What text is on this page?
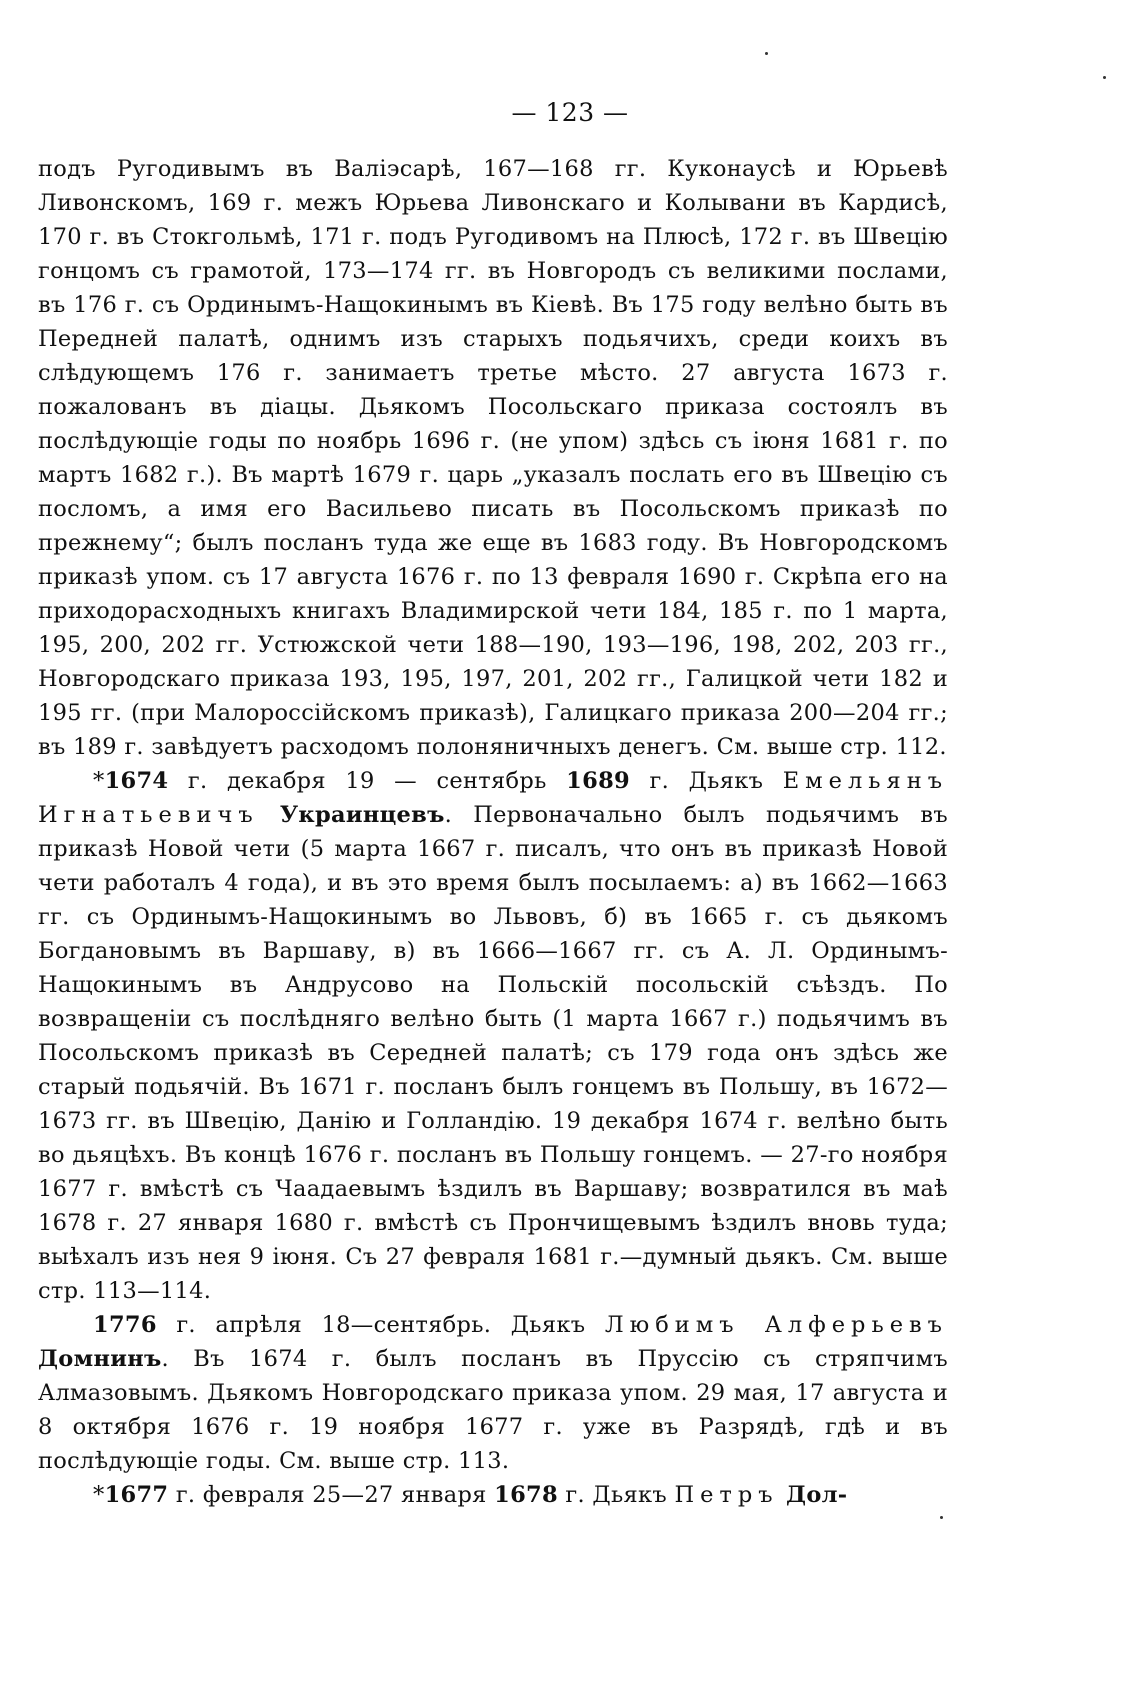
— 123 —

подъ Ругодивымъ въ Валіэсарѣ, 167—168 гг. Куконаусѣ и Юрьевѣ Ливонскомъ, 169 г. межъ Юрьева Ливонскаго и Колывани въ Кардисѣ, 170 г. въ Стокгольмѣ, 171 г. подъ Ругодивомъ на Плюсѣ, 172 г. въ Швецію гонцомъ съ грамотой, 173—174 гг. въ Новгородъ съ великими послами, въ 176 г. съ Ординымъ-Нащокинымъ въ Кіевѣ. Въ 175 году велѣно быть въ Передней палатѣ, однимъ изъ старыхъ подьячихъ, среди коихъ въ слѣдующемъ 176 г. занимаетъ третье мѣсто. 27 августа 1673 г. пожалованъ въ діацы. Дьякомъ Посольскаго приказа состоялъ въ послѣдующіе годы по ноябрь 1696 г. (не упом) здѣсь съ іюня 1681 г. по мартъ 1682 г.). Въ мартѣ 1679 г. царь „указалъ послать его въ Швецію съ посломъ, а имя его Васильево писать въ Посольскомъ приказѣ по прежнему“; былъ посланъ туда же еще въ 1683 году. Въ Новгородскомъ приказѣ упом. съ 17 августа 1676 г. по 13 февраля 1690 г. Скрѣпа его на приходорасходныхъ книгахъ Владимирской чети 184, 185 г. по 1 марта, 195, 200, 202 гг. Устюжской чети 188—190, 193—196, 198, 202, 203 гг., Новгородскаго приказа 193, 195, 197, 201, 202 гг., Галицкой чети 182 и 195 гг. (при Малороссійскомъ приказѣ), Галицкаго приказа 200—204 гг.; въ 189 г. завѣдуетъ расходомъ полоняничныхъ денегъ. См. выше стр. 112.

*1674 г. декабря 19 — сентябрь 1689 г. Дьякъ Емельянъ Игнатьевичъ Украинцевъ. Первоначально былъ подьячимъ въ приказѣ Новой чети (5 марта 1667 г. писалъ, что онъ въ приказѣ Новой чети работалъ 4 года), и въ это время былъ посылаемъ: а) въ 1662—1663 гг. съ Ординымъ-Нащокинымъ во Львовъ, б) въ 1665 г. съ дьякомъ Богдановымъ въ Варшаву, в) въ 1666—1667 гг. съ А. Л. Ординымъ-Нащокинымъ въ Андрусово на Польскій посольскій съѣздъ. По возвращеніи съ послѣдняго велѣно быть (1 марта 1667 г.) подьячимъ въ Посольскомъ приказѣ въ Середней палатѣ; съ 179 года онъ здѣсь же старый подьячій. Въ 1671 г. посланъ былъ гонцемъ въ Польшу, въ 1672—1673 гг. въ Швецію, Данію и Голландію. 19 декабря 1674 г. велѣно быть во дьяцѣхъ. Въ концѣ 1676 г. посланъ въ Польшу гонцемъ. — 27-го ноября 1677 г. вмѣстѣ съ Чаадаевымъ ѣздилъ въ Варшаву; возвратился въ маѣ 1678 г. 27 января 1680 г. вмѣстѣ съ Прончищевымъ ѣздилъ вновь туда; выѣхалъ изъ нея 9 іюня. Съ 27 февраля 1681 г.—думный дьякъ. См. выше стр. 113—114.

1776 г. апрѣля 18—сентябрь. Дьякъ Любимъ Алферьевъ Домнинъ. Въ 1674 г. былъ посланъ въ Пруссію съ стряпчимъ Алмазовымъ. Дьякомъ Новгородскаго приказа упом. 29 мая, 17 августа и 8 октября 1676 г. 19 ноября 1677 г. уже въ Разрядѣ, гдѣ и въ послѣдующіе годы. См. выше стр. 113.

*1677 г. февраля 25—27 января 1678 г. Дьякъ Петръ Дол-
